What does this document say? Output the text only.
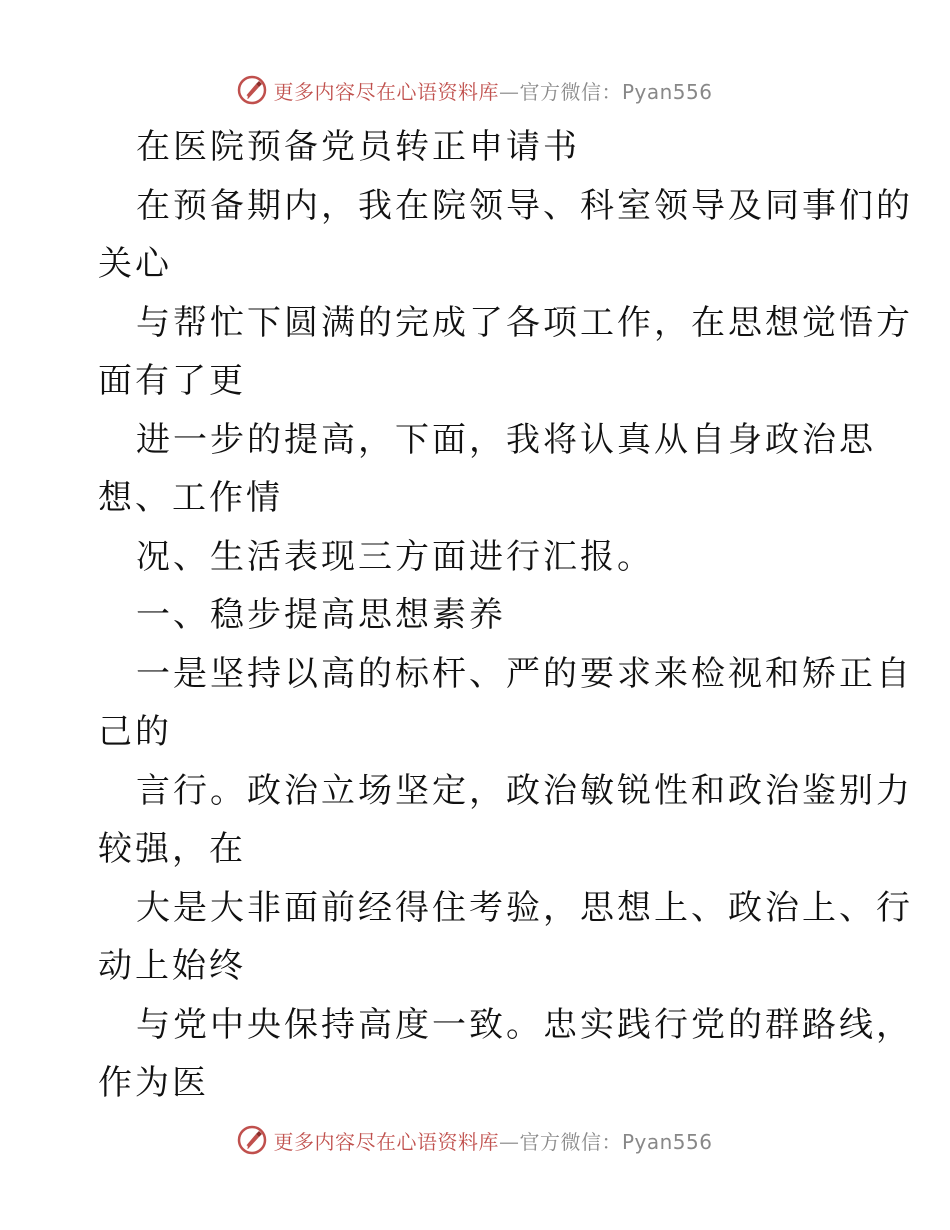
更多内容尽在心语资料库—官方微信：Pyan556
在医院预备党员转正申请书
在预备期内，我在院领导、科室领导及同事们的
关心
与帮忙下圆满的完成了各项工作，在思想觉悟方
面有了更
进一步的提高，下面，我将认真从自身政治思
想、工作情
况、生活表现三方面进行汇报。
一、稳步提高思想素养
一是坚持以高的标杆、严的要求来检视和矫正自
己的
言行。政治立场坚定，政治敏锐性和政治鉴别力
较强，在
大是大非面前经得住考验，思想上、政治上、行
动上始终
与党中央保持高度一致。忠实践行党的群路线，
作为医
更多内容尽在心语资料库—官方微信：Pyan556
